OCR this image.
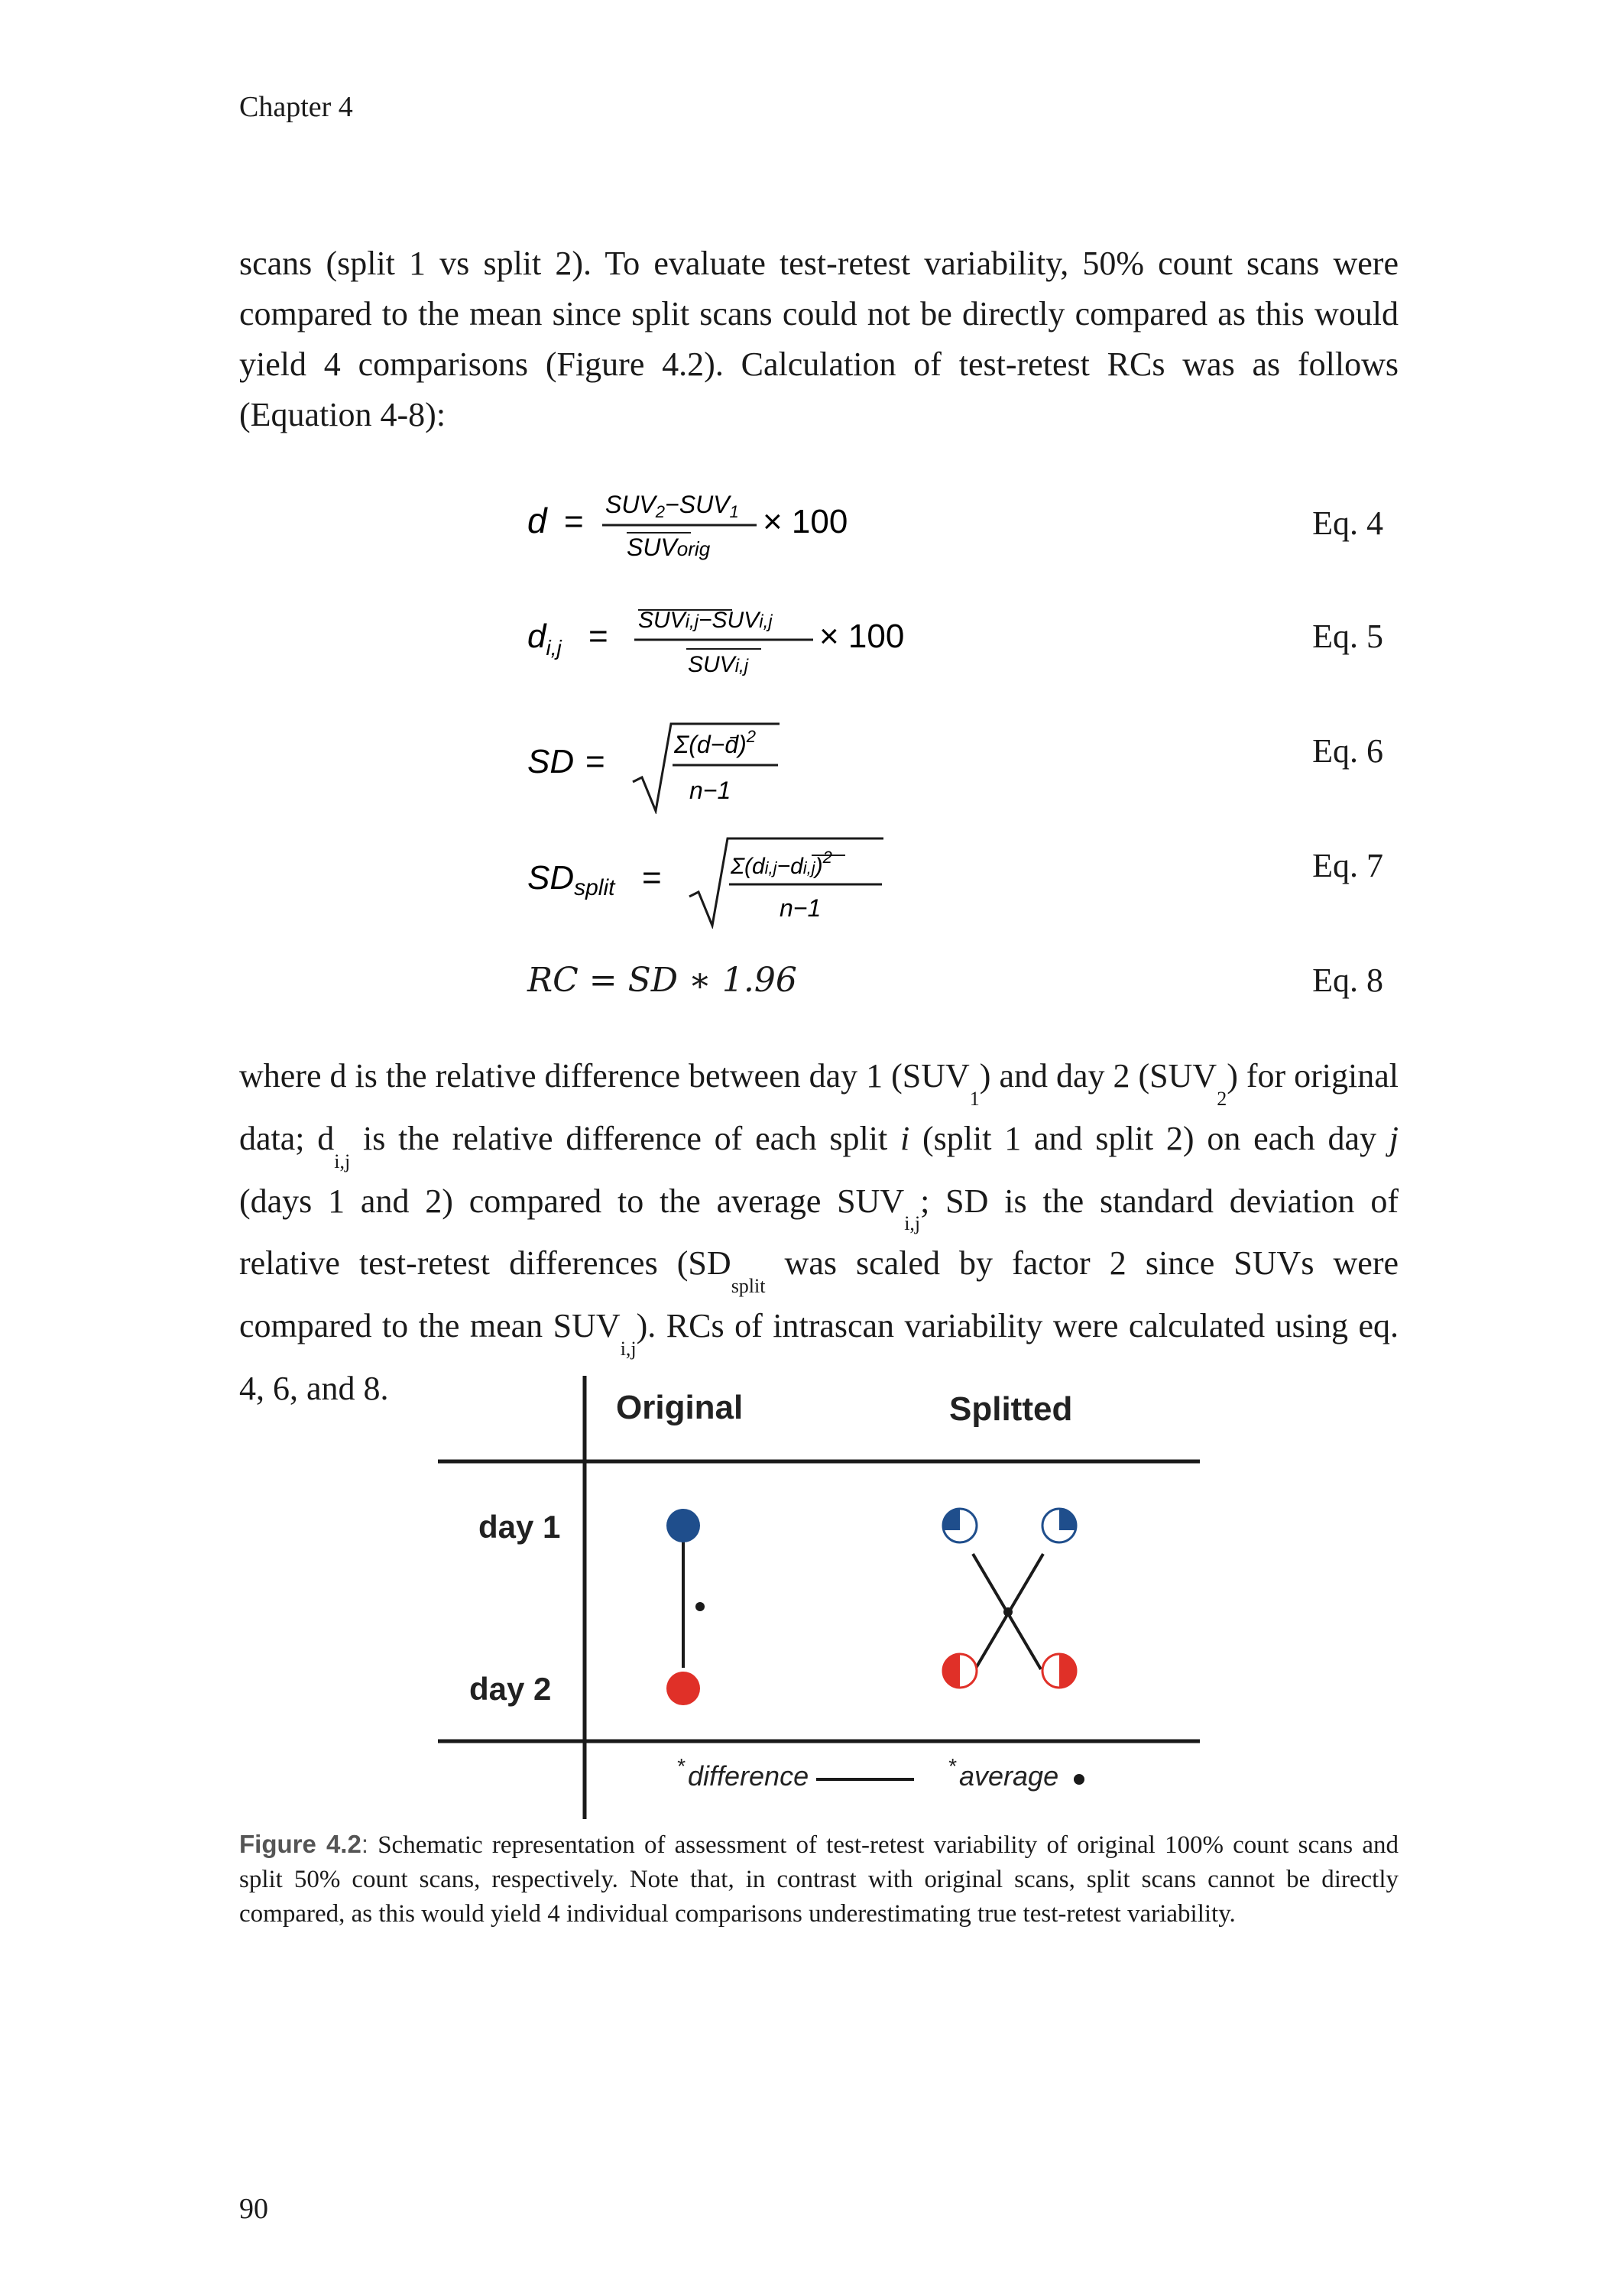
Chapter 4

scans (split 1 vs split 2). To evaluate test-retest variability, 50% count scans were compared to the mean since split scans could not be directly compared as this would yield 4 comparisons (Figure 4.2). Calculation of test-retest RCs was as follows (Equation 4-8):

d = SUV2−SUV1
SUVorig
× 100	Eq. 4
$d_{i,j}$ = SUVi,j−SUVi,j
SUVi,j
× 100	Eq. 5
SD =	Σ(d−d̄)$^2$
n−1
Eq. 6
SDsplit =	$\Sigma(di,j-di,j)^2$
n−1
Eq. 7
RC = SD ∗ 1.96	Eq. 8

where d is the relative difference between day 1 $(SUV_1)$ and day 2 $(SUV_2)$ for original data; $d_{i,j}$ is the relative difference of each split i (split 1 and split 2) on each day j (days 1 and 2) compared to the average $SUV_{i,j}$; SD is the standard deviation of relative test-retest differences ($SD_{split}$ was scaled by factor 2 since SUVs were compared to the mean $SUV_{i,j}$). RCs of intrascan variability were calculated using eq. 4, 6, and 8.

Original	Splitted
day 1
day 2
* difference	* average

Figure 4.2: Schematic representation of assessment of test-retest variability of original 100% count scans and split 50% count scans, respectively. Note that, in contrast with original scans, split scans cannot be directly compared, as this would yield 4 individual comparisons underestimating true test-retest variability.

90
